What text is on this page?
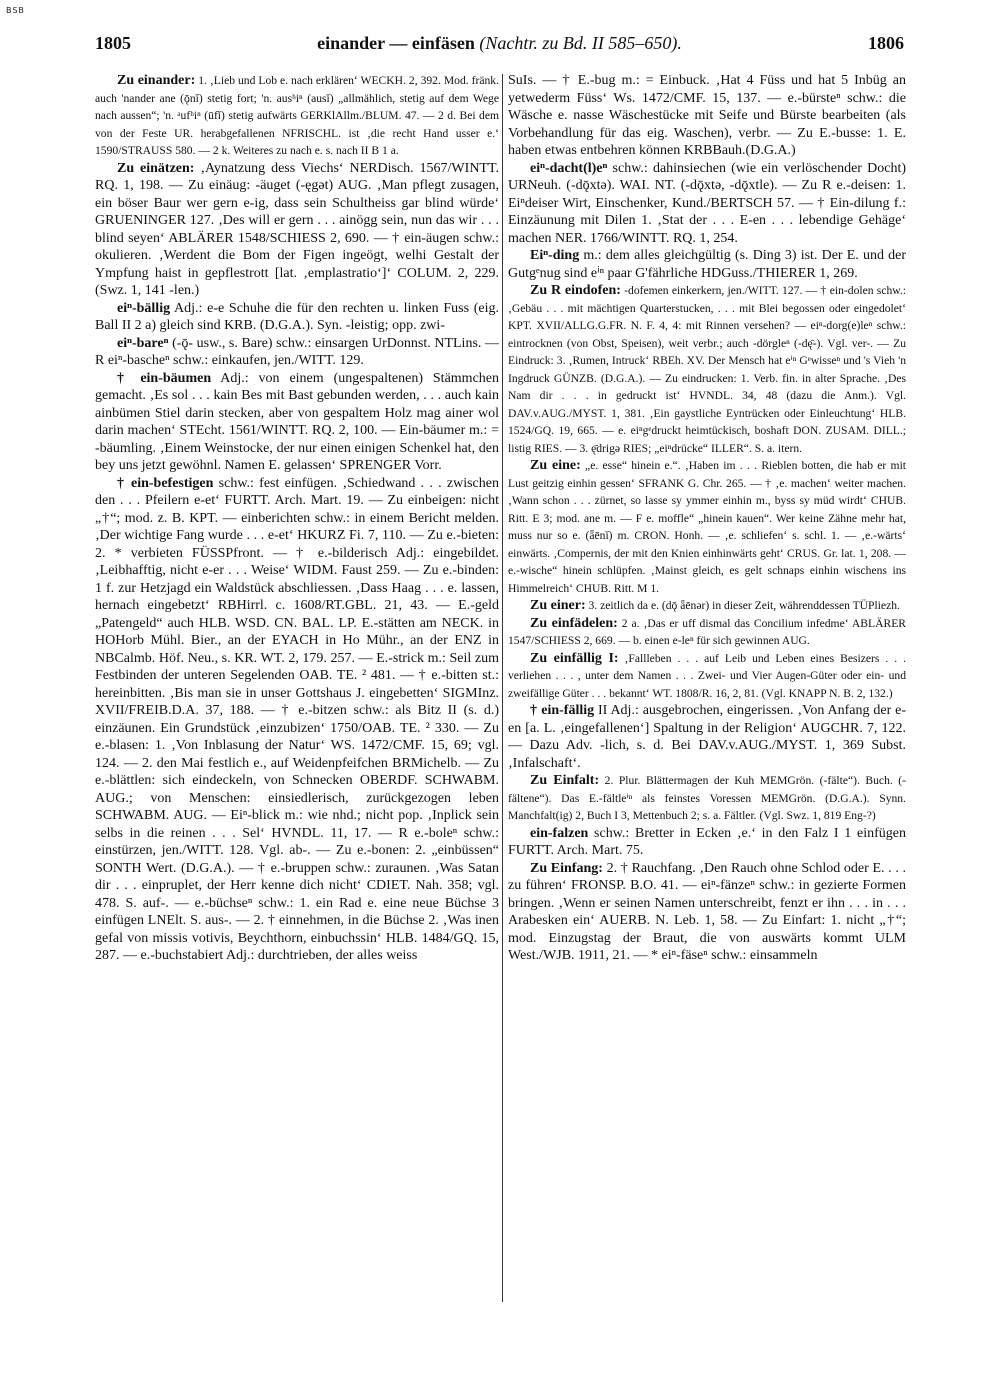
BSB
1805	einander — einfäsen (Nachtr. zu Bd. II 585–650).	1806

Zu einander: 1. ‚Lieb und Lob e. nach erklären‘ WECKH. 2, 392. Mod. fränk. auch 'nander ane (ǭnĭ) stetig fort; 'n. ausʰiⁿ (ausĭ) „allmählich, stetig auf dem Wege nach aussen“; 'n. ᵃufʰiⁿ (ūfĭ) stetig aufwärts GERKlAllm./BLUM. 47. — 2 d. Bei dem von der Feste UR. herabgefallenen NFRISCHL. ist ‚die recht Hand usser e.‘ 1590/STRAUSS 580. — 2 k. Weiteres zu nach e. s. nach II B 1 a.

Zu einätzen: ‚Aynatzung dess Viechs‘ NERDisch. 1567/WINTT. RQ. 1, 198. — Zu einäug: -äuget (-ęgət) AUG. ‚Man pflegt zusagen, ein böser Baur wer gern e-ig, dass sein Schultheiss gar blind würde‘ GRUENINGER 127. ‚Des will er gern . . . ainögg sein, nun das wir . . . blind seyen‘ ABLÄRER 1548/SCHIESS 2, 690. — † ein-äugen schw.: okulieren. ‚Werdent die Bom der Figen ingeögt, welhi Gestalt der Ympfung haist in gepflestrott [lat. ‚emplastratio‘]‘ COLUM. 2, 229. (Swz. 1, 141 -len.)

eiⁿ-bällig Adj.: e-e Schuhe die für den rechten u. linken Fuss (eig. Ball II 2 a) gleich sind KRB. (D.G.A.). Syn. -leistig; opp. zwi-

eiⁿ-bareⁿ (-ǭ- usw., s. Bare) schw.: einsargen UrDonnst. NTLins. — R eiⁿ-bascheⁿ schw.: einkaufen, jen./WITT. 129.

† ein-bäumen Adj.: von einem (ungespaltenen) Stämmchen gemacht. ‚Es sol . . . kain Bes mit Bast gebunden werden, . . . auch kain ainbümen Stiel darin stecken, aber von gespaltem Holz mag ainer wol darin machen‘ STEcht. 1561/WINTT. RQ. 2, 100. — Ein-bäumer m.: = -bäumling. ‚Einem Weinstocke, der nur einen einigen Schenkel hat, den bey uns jetzt gewöhnl. Namen E. gelassen‘ SPRENGER Vorr.

† ein-befestigen schw.: fest einfügen. ‚Schiedwand . . . zwischen den . . . Pfeilern e-et‘ FURTT. Arch. Mart. 19. — Zu einbeigen: nicht „†“; mod. z. B. KPT. — einberichten schw.: in einem Bericht melden. ‚Der wichtige Fang wurde . . . e-et‘ HKURZ Fi. 7, 110. — Zu e.-bieten: 2. * verbieten FÜSSPfront. — † e.-bilderisch Adj.: eingebildet. ‚Leibhafftig, nicht e-er . . . Weise‘ WIDM. Faust 259. — Zu e.-binden: 1 f. zur Hetzjagd ein Waldstück abschliessen. ‚Dass Haag . . . e. lassen, hernach eingebetzt‘ RBHirrl. c. 1608/RT.GBL. 21, 43. — E.-geld „Patengeld“ auch HLB. WSD. CN. BAL. LP. E.-stätten am NECK. in HOHorb Mühl. Bier., an der EYACH in Ho Mühr., an der ENZ in NBCalmb. Höf. Neu., s. KR. WT. 2, 179. 257. — E.-strick m.: Seil zum Festbinden der unteren Segelenden OAB. TE. ² 481. — † e.-bitten st.: hereinbitten. ‚Bis man sie in unser Gottshaus J. eingebetten‘ SIGMInz. XVII/FREIB.D.A. 37, 188. — † e.-bitzen schw.: als Bitz II (s. d.) einzäunen. Ein Grundstück ‚einzubizen‘ 1750/OAB. TE. ² 330. — Zu e.-blasen: 1. ‚Von Inblasung der Natur‘ WS. 1472/CMF. 15, 69; vgl. 124. — 2. den Mai festlich e., auf Weidenpfeifchen BRMichelb. — Zu e.-blättlen: sich eindeckeln, von Schnecken OBERDF. SCHWABM. AUG.; von Menschen: einsiedlerisch, zurückgezogen leben SCHWABM. AUG. — Eiⁿ-blick m.: wie nhd.; nicht pop. ‚Inplick sein selbs in die reinen . . . Sel‘ HVNDL. 11, 17. — R e.-boleⁿ schw.: einstürzen, jen./WITT. 128. Vgl. ab-. — Zu e.-bonen: 2. „einbüssen“ SONTH Wert. (D.G.A.). — † e.-bruppen schw.: zuraunen. ‚Was Satan dir . . . einpruplet, der Herr kenne dich nicht‘ CDIET. Nah. 358; vgl. 478. S. auf-. — e.-büchseⁿ schw.: 1. ein Rad e. eine neue Büchse 3 einfügen LNElt. S. aus-. — 2. † einnehmen, in die Büchse 2. ‚Was inen gefal von missis votivis, Beychthorn, einbuchssin‘ HLB. 1484/GQ. 15, 287. — e.-buchstabiert Adj.: durchtrieben, der alles weiss

SuIs. — † E.-bug m.: = Einbuck. ‚Hat 4 Füss und hat 5 Inbüg an yetwederm Füss‘ Ws. 1472/CMF. 15, 137. — e.-bürsteⁿ schw.: die Wäsche e. nasse Wäschestücke mit Seife und Bürste bearbeiten (als Vorbehandlung für das eig. Waschen), verbr. — Zu E.-busse: 1. E. haben etwas entbehren können KRBBauh.(D.G.A.)

eiⁿ-dacht(l)eⁿ schw.: dahinsiechen (wie ein verlöschender Docht) URNeuh. (-dǭxtə). WAI. NT. (-dǭxtə, -dǭxtle). — Zu R e.-deisen: 1. Eiⁿdeiser Wirt, Einschenker, Kund./BERTSCH 57. — † Ein-dilung f.: Einzäunung mit Dilen 1. ‚Stat der . . . E-en . . . lebendige Gehäge‘ machen NER. 1766/WINTT. RQ. 1, 254.

Eiⁿ-ding m.: dem alles gleichgültig (s. Ding 3) ist. Der E. und der Gutgᵉnug sind eⁱⁿ paar G'fährliche HDGuss./THIERER 1, 269.

Zu R eindofen: -dofemen einkerkern, jen./WITT. 127. — † ein-dolen schw.: ‚Gebäu . . . mit mächtigen Quarterstucken, . . . mit Blei begossen oder eingedolet‘ KPT. XVII/ALLG.G.FR. N. F. 4, 4: mit Rinnen versehen? — eiⁿ-dorg(e)leⁿ schw.: eintrocknen (von Obst, Speisen), weit verbr.; auch -dörgleⁿ (-dę̄-). Vgl. ver-. — Zu Eindruck: 3. ‚Rumen, Intruck‘ RBEh. XV. Der Mensch hat eⁱⁿ Gᵉwisseⁿ und 's Vieh 'n Ingdruck GÜNZB. (D.G.A.). — Zu eindrucken: 1. Verb. fin. in alter Sprache. ‚Des Nam dir . . . in gedruckt ist‘ HVNDL. 34, 48 (dazu die Anm.). Vgl. DAV.v.AUG./MYST. 1, 381. ‚Ein gaystliche Eyntrücken oder Einleuchtung‘ HLB. 1524/GQ. 19, 665. — e. eiⁿgᵉdruckt heimtückisch, boshaft DON. ZUSAM. DILL.; listig RIES. — 3. ę̄drigə RIES; „eiⁿdrücke“ ILLER“. S. a. itern.

Zu eine: „e. esse“ hinein e.“. ‚Haben im . . . Rieblen botten, die hab er mit Lust geitzig einhin gessen‘ SFRANK G. Chr. 265. — † ‚e. machen‘ weiter machen. ‚Wann schon . . . zürnet, so lasse sy ymmer einhin m., byss sy müd wirdt‘ CHUB. Ritt. E 3; mod. ane m. — F e. moffle“ „hinein kauen“. Wer keine Zähne mehr hat, muss nur so e. (ǟēnĭ) m. CRON. Honh. — ‚e. schliefen‘ s. schl. 1. — ‚e.-wärts‘ einwärts. ‚Compernis, der mit den Knien einhinwärts geht‘ CRUS. Gr. lat. 1, 208. — e.-wische“ hinein schlüpfen. ‚Mainst gleich, es gelt schnaps einhin wischens ins Himmelreich‘ CHUB. Ritt. M 1.

Zu einer: 3. zeitlich da e. (dǭ ǟēnər) in dieser Zeit, währenddessen TÜPliezh.

Zu einfädelen: 2 a. ‚Das er uff dismal das Concilium infedme‘ ABLÄRER 1547/SCHIESS 2, 669. — b. einen e-leⁿ für sich gewinnen AUG.

Zu einfällig I: ‚Fallleben . . . auf Leib und Leben eines Besizers . . . verliehen . . . , unter dem Namen . . . Zwei- und Vier Augen-Güter oder ein- und zweifällige Güter . . . bekannt‘ WT. 1808/R. 16, 2, 81. (Vgl. KNAPP N. B. 2, 132.)

† ein-fällig II Adj.: ausgebrochen, eingerissen. ‚Von Anfang der e-en [a. L. ‚eingefallenen‘] Spaltung in der Religion‘ AUGCHR. 7, 122. — Dazu Adv. -lich, s. d. Bei DAV.v.AUG./MYST. 1, 369 Subst. ‚Infalschaft‘.

Zu Einfalt: 2. Plur. Blättermagen der Kuh MEMGrön. (-fälte“). Buch. (-fältene“). Das E.-fältleⁱⁿ als feinstes Voressen MEMGrön. (D.G.A.). Synn. Manchfalt(ig) 2, Buch I 3, Mettenbuch 2; s. a. Fältler. (Vgl. Swz. 1, 819 Eng-?)

ein-falzen schw.: Bretter in Ecken ‚e.‘ in den Falz I 1 einfügen FURTT. Arch. Mart. 75.

Zu Einfang: 2. † Rauchfang. ‚Den Rauch ohne Schlod oder E. . . . zu führen‘ FRONSP. B.O. 41. — eiⁿ-fänzeⁿ schw.: in gezierte Formen bringen. ‚Wenn er seinen Namen unterschreibt, fenzt er ihn . . . in . . . Arabesken ein‘ AUERB. N. Leb. 1, 58. — Zu Einfart: 1. nicht „†“; mod. Einzugstag der Braut, die von auswärts kommt ULM West./WJB. 1911, 21. — * eiⁿ-fäseⁿ schw.: einsammeln
